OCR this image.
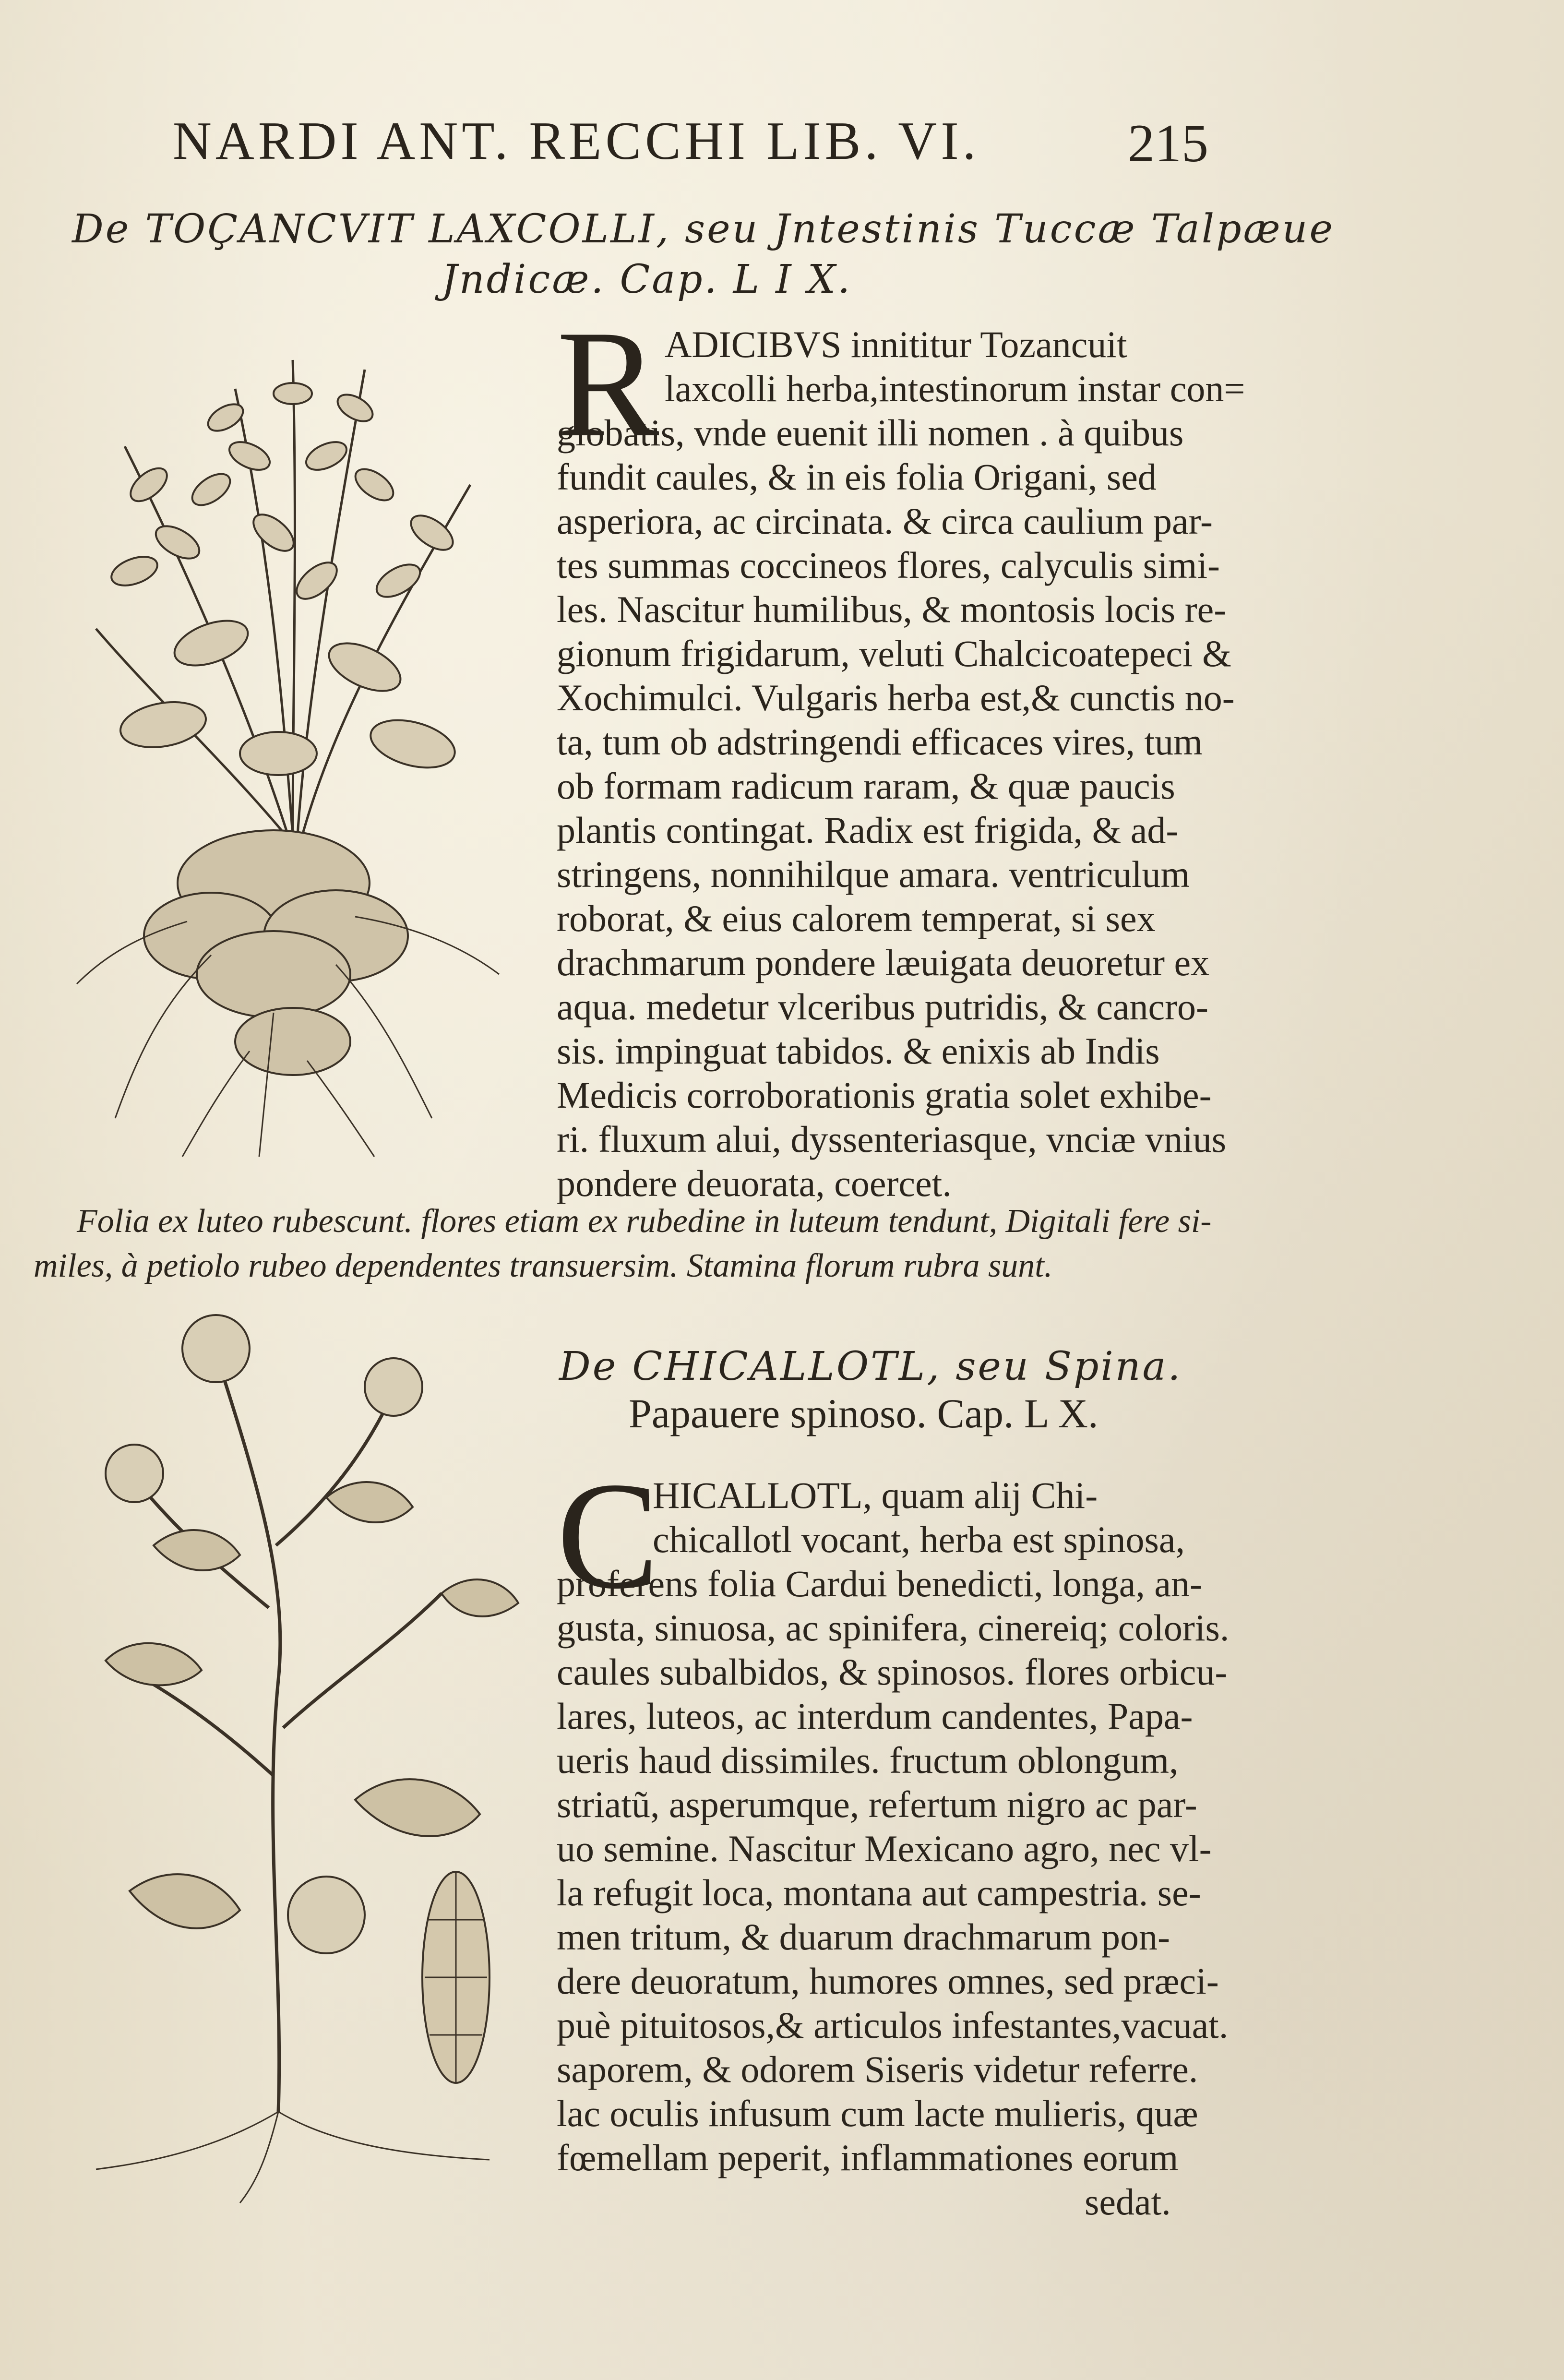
NARDI ANT. RECCHI LIB. VI.	215
De TOÇANCVIT LAXCOLLI, seu Jntestinis Tuccæ Talpæue
Jndicæ. Cap. L I X.
R ADICIBVS innititur Tozancuit
laxcolli herba,intestinorum instar con=
globatis, vnde euenit illi nomen . à quibus
fundit caules, & in eis folia Origani, sed
asperiora, ac circinata. & circa caulium par-
tes summas coccineos flores, calyculis simi-
les. Nascitur humilibus, & montosis locis re-
gionum frigidarum, veluti Chalcicoatepeci &
Xochimulci. Vulgaris herba est,& cunctis no-
ta, tum ob adstringendi efficaces vires, tum
ob formam radicum raram, & quæ paucis
plantis contingat. Radix est frigida, & ad-
stringens, nonnihilque amara. ventriculum
roborat, & eius calorem temperat, si sex
drachmarum pondere læuigata deuoretur ex
aqua. medetur vlceribus putridis, & cancro-
sis. impinguat tabidos. & enixis ab Indis
Medicis corroborationis gratia solet exhibe-
ri. fluxum alui, dyssenteriasque, vnciæ vnius
pondere deuorata, coercet.
Folia ex luteo rubescunt. flores etiam ex rubedine in luteum tendunt, Digitali fere si-
miles, à petiolo rubeo dependentes transuersim. Stamina florum rubra sunt.
De CHICALLOTL, seu Spina.
Papauere spinoso. Cap. L X.
C
HICALLOTL, quam alij Chi-
chicallotl vocant, herba est spinosa,
proferens folia Cardui benedicti, longa, an-
gusta, sinuosa, ac spinifera, cinereiq; coloris.
caules subalbidos, & spinosos. flores orbicu-
lares, luteos, ac interdum candentes, Papa-
ueris haud dissimiles. fructum oblongum,
striatũ, asperumque, refertum nigro ac par-
uo semine. Nascitur Mexicano agro, nec vl-
la refugit loca, montana aut campestria. se-
men tritum, & duarum drachmarum pon-
dere deuoratum, humores omnes, sed præci-
puè pituitosos,& articulos infestantes,vacuat.
saporem, & odorem Siseris videtur referre.
lac oculis infusum cum lacte mulieris, quæ
fœmellam peperit, inflammationes eorum
sedat.
